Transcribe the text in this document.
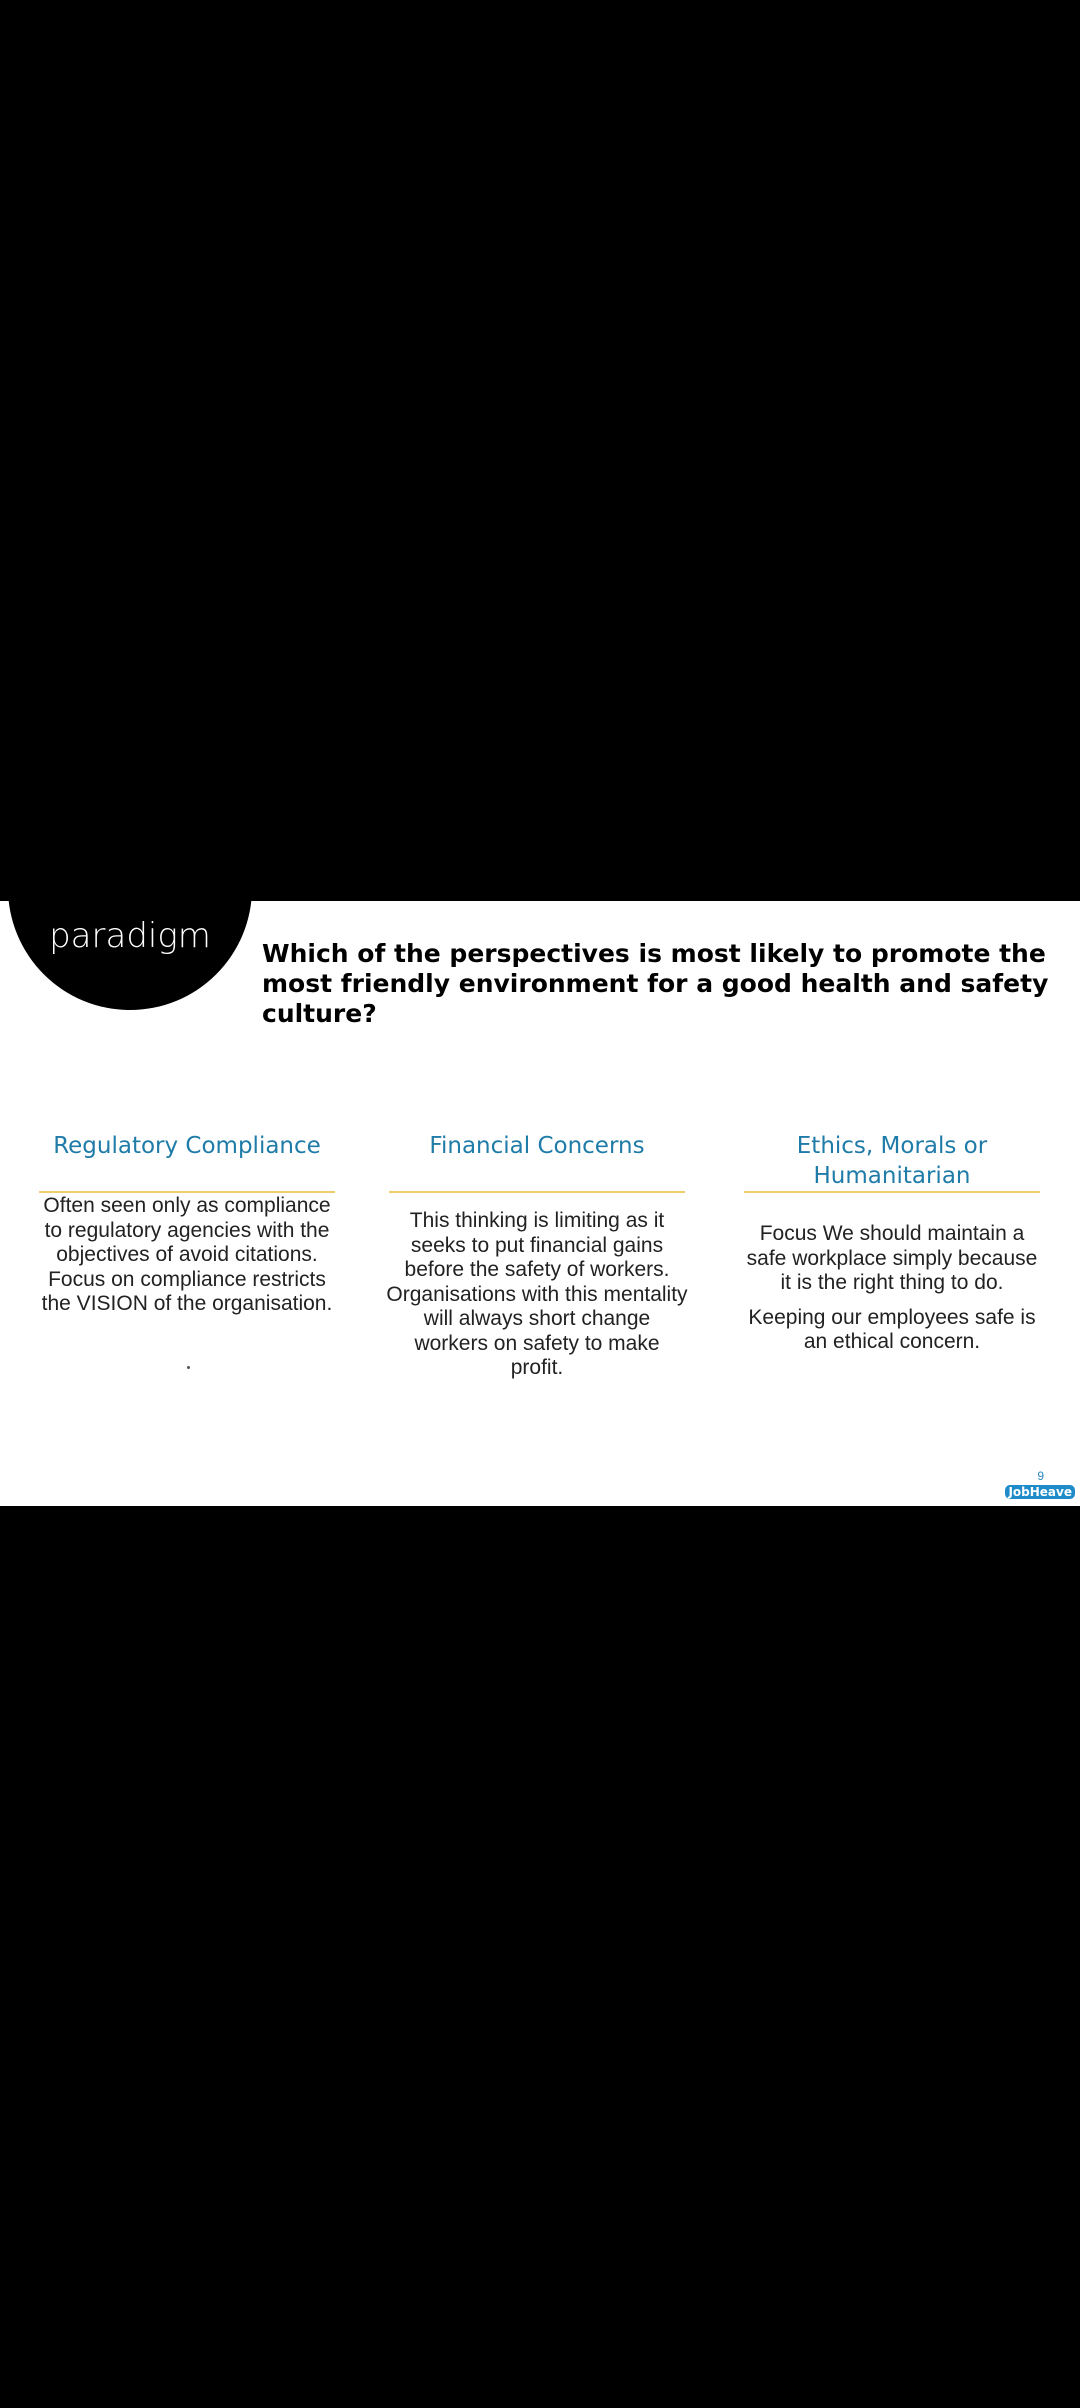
paradigm	Which of the perspectives is most likely to promote the most friendly environment for a good health and safety culture?
Regulatory Compliance
Often seen only as compliance
to regulatory agencies with the
objectives of avoid citations.
Focus on compliance restricts
the VISION of the organisation.
Financial Concerns
This thinking is limiting as it
seeks to put financial gains
before the safety of workers.
Organisations with this mentality
will always short change
workers on safety to make
profit.
Ethics, Morals or Humanitarian
Focus We should maintain a
safe workplace simply because
it is the right thing to do.
Keeping our employees safe is
an ethical concern.
9
JobHeave
